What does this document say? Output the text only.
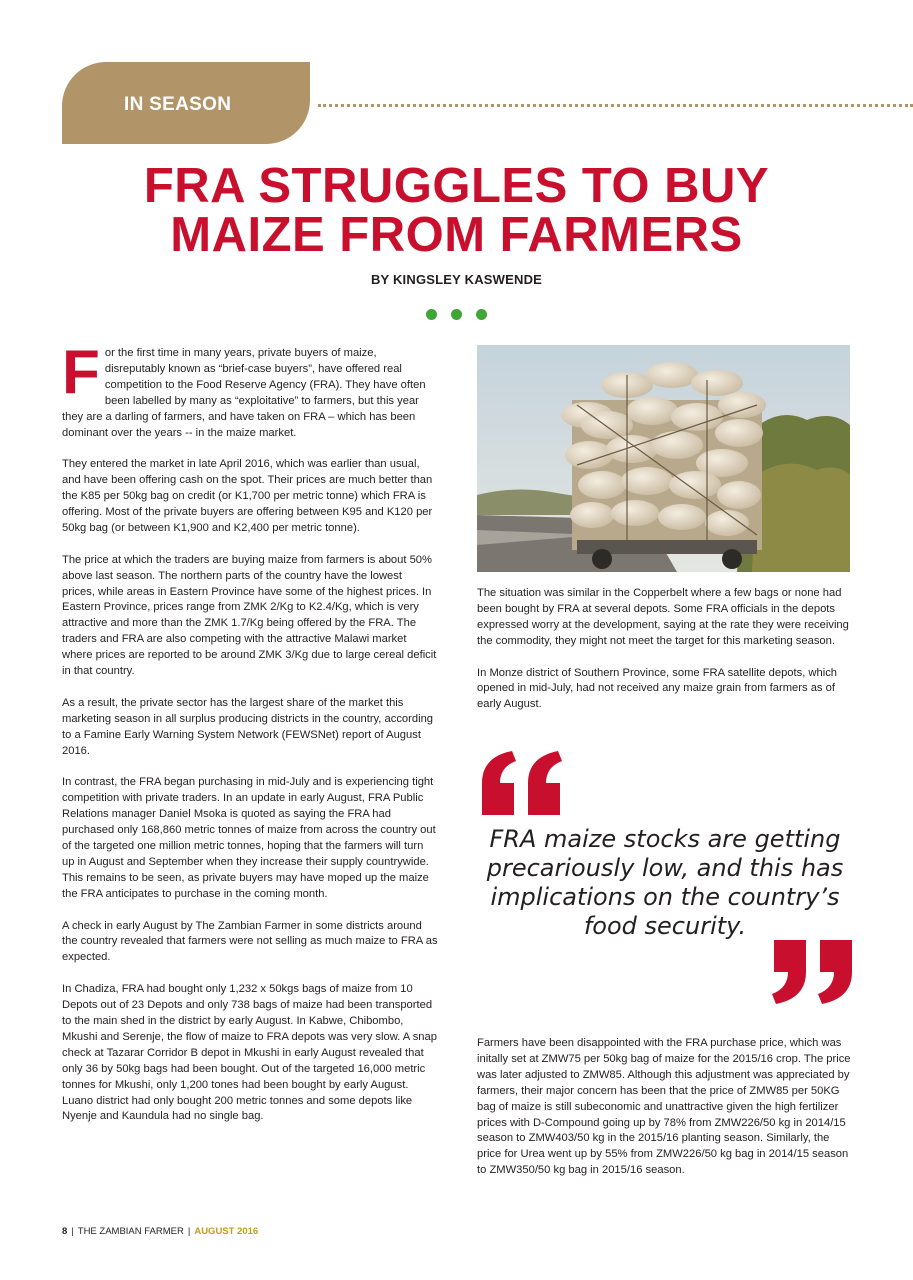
IN SEASON
FRA STRUGGLES TO BUY
MAIZE FROM FARMERS
BY KINGSLEY KASWENDE

For the first time in many years, private buyers of maize, disreputably known as “brief-case buyers”, have offered real competition to the Food Reserve Agency (FRA). They have often been labelled by many as “exploitative” to farmers, but this year they are a darling of farmers, and have taken on FRA – which has been dominant over the years -- in the maize market.

They entered the market in late April 2016, which was earlier than usual, and have been offering cash on the spot. Their prices are much better than the K85 per 50kg bag on credit (or K1,700 per metric tonne) which FRA is offering. Most of the private buyers are offering between K95 and K120 per 50kg bag (or between K1,900 and K2,400 per metric tonne).

The price at which the traders are buying maize from farmers is about 50% above last season. The northern parts of the country have the lowest prices, while areas in Eastern Province have some of the highest prices. In Eastern Province, prices range from ZMK 2/Kg to K2.4/Kg, which is very attractive and more than the ZMK 1.7/Kg being offered by the FRA. The traders and FRA are also competing with the attractive Malawi market where prices are reported to be around ZMK 3/Kg due to large cereal deficit in that country.

As a result, the private sector has the largest share of the market this marketing season in all surplus producing districts in the country, according to a Famine Early Warning System Network (FEWSNet) report of August 2016.

In contrast, the FRA began purchasing in mid-July and is experiencing tight competition with private traders. In an update in early August, FRA Public Relations manager Daniel Msoka is quoted as saying the FRA had purchased only 168,860 metric tonnes of maize from across the country out of the targeted one million metric tonnes, hoping that the farmers will turn up in August and September when they increase their supply countrywide. This remains to be seen, as private buyers may have moped up the maize the FRA anticipates to purchase in the coming month.

A check in early August by The Zambian Farmer in some districts around the country revealed that farmers were not selling as much maize to FRA as expected.

In Chadiza, FRA had bought only 1,232 x 50kgs bags of maize from 10 Depots out of 23 Depots and only 738 bags of maize had been transported to the main shed in the district by early August. In Kabwe, Chibombo, Mkushi and Serenje, the flow of maize to FRA depots was very slow. A snap check at Tazarar Corridor B depot in Mkushi in early August revealed that only 36 by 50kg bags had been bought. Out of the targeted 16,000 metric tonnes for Mkushi, only 1,200 tones had been bought by early August. Luano district had only bought 200 metric tonnes and some depots like Nyenje and Kaundula had no single bag.

The situation was similar in the Copperbelt where a few bags or none had been bought by FRA at several depots. Some FRA officials in the depots expressed worry at the development, saying at the rate they were receiving the commodity, they might not meet the target for this marketing season.

In Monze district of Southern Province, some FRA satellite depots, which opened in mid-July, had not received any maize grain from farmers as of early August.

FRA maize stocks are getting precariously low, and this has implications on the country’s food security.

Farmers have been disappointed with the FRA purchase price, which was initally set at ZMW75 per 50kg bag of maize for the 2015/16 crop. The price was later adjusted to ZMW85. Although this adjustment was appreciated by farmers, their major concern has been that the price of ZMW85 per 50KG bag of maize is still subeconomic and unattractive given the high fertilizer prices with D-Compound going up by 78% from ZMW226/50 kg in 2014/15 season to ZMW403/50 kg in the 2015/16 planting season. Similarly, the price for Urea went up by 55% from ZMW226/50 kg bag in 2014/15 season to ZMW350/50 kg bag in 2015/16 season.

8 | THE ZAMBIAN FARMER | AUGUST 2016
